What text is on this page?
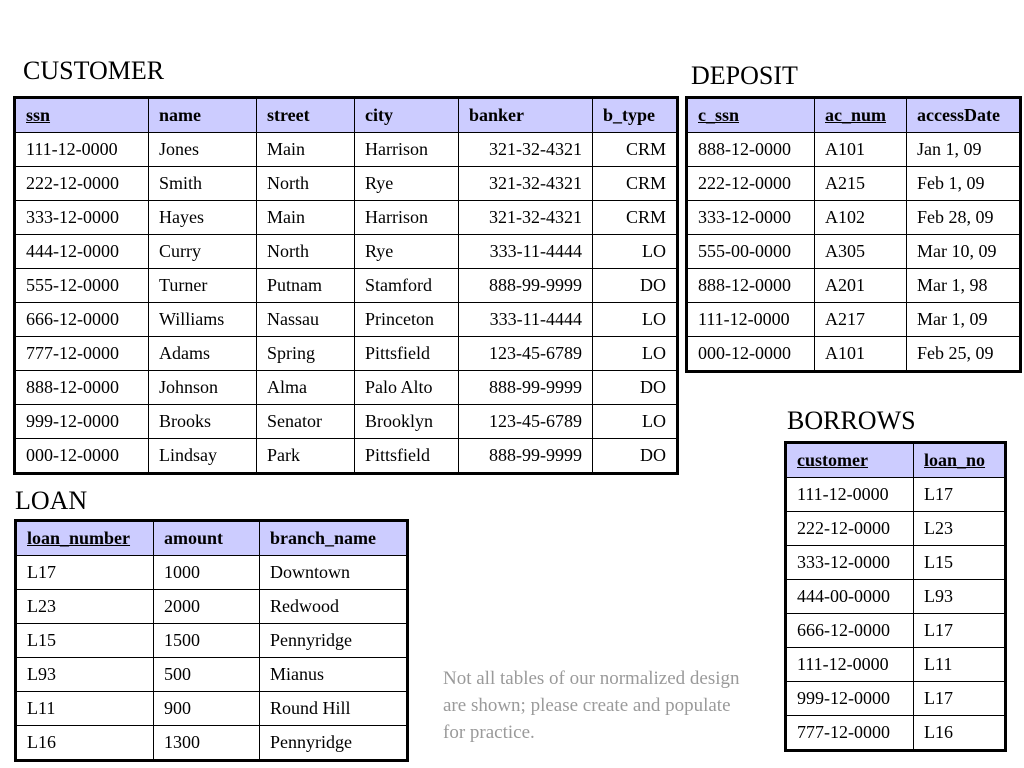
CUSTOMER
ssn	name	street	city	banker	b_type
111-12-0000	Jones	Main	Harrison	321-32-4321	CRM
222-12-0000	Smith	North	Rye	321-32-4321	CRM
333-12-0000	Hayes	Main	Harrison	321-32-4321	CRM
444-12-0000	Curry	North	Rye	333-11-4444	LO
555-12-0000	Turner	Putnam	Stamford	888-99-9999	DO
666-12-0000	Williams	Nassau	Princeton	333-11-4444	LO
777-12-0000	Adams	Spring	Pittsfield	123-45-6789	LO
888-12-0000	Johnson	Alma	Palo Alto	888-99-9999	DO
999-12-0000	Brooks	Senator	Brooklyn	123-45-6789	LO
000-12-0000	Lindsay	Park	Pittsfield	888-99-9999	DO
DEPOSIT
c_ssn	ac_num	accessDate
888-12-0000	A101	Jan 1, 09
222-12-0000	A215	Feb 1, 09
333-12-0000	A102	Feb 28, 09
555-00-0000	A305	Mar 10, 09
888-12-0000	A201	Mar 1, 98
111-12-0000	A217	Mar 1, 09
000-12-0000	A101	Feb 25, 09
BORROWS
customer	loan_no
111-12-0000	L17
222-12-0000	L23
333-12-0000	L15
444-00-0000	L93
666-12-0000	L17
111-12-0000	L11
999-12-0000	L17
777-12-0000	L16
LOAN
loan_number	amount	branch_name
L17	1000	Downtown
L23	2000	Redwood
L15	1500	Pennyridge
L93	500	Mianus
L11	900	Round Hill
L16	1300	Pennyridge
Not all tables of our normalized design are shown; please create and populate for practice.
